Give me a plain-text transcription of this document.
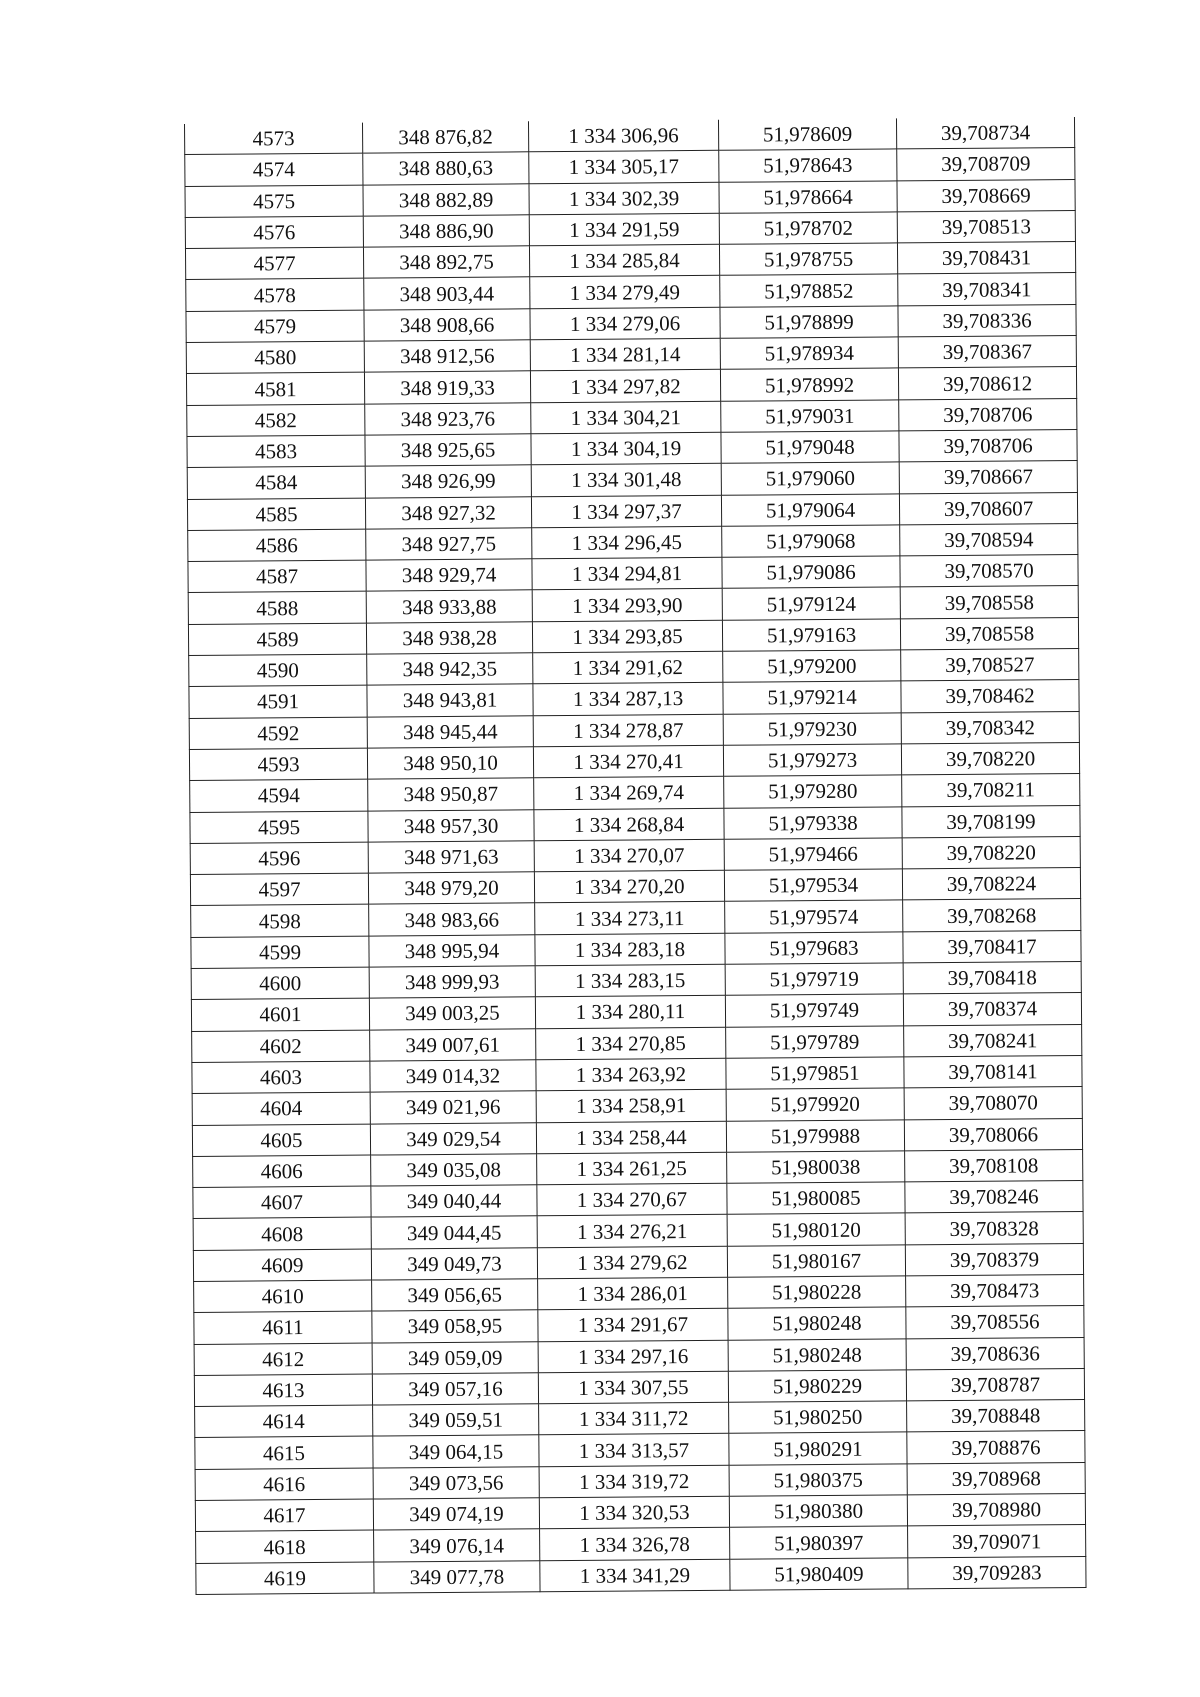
4573	348 876,82	1 334 306,96	51,978609	39,708734
4574	348 880,63	1 334 305,17	51,978643	39,708709
4575	348 882,89	1 334 302,39	51,978664	39,708669
4576	348 886,90	1 334 291,59	51,978702	39,708513
4577	348 892,75	1 334 285,84	51,978755	39,708431
4578	348 903,44	1 334 279,49	51,978852	39,708341
4579	348 908,66	1 334 279,06	51,978899	39,708336
4580	348 912,56	1 334 281,14	51,978934	39,708367
4581	348 919,33	1 334 297,82	51,978992	39,708612
4582	348 923,76	1 334 304,21	51,979031	39,708706
4583	348 925,65	1 334 304,19	51,979048	39,708706
4584	348 926,99	1 334 301,48	51,979060	39,708667
4585	348 927,32	1 334 297,37	51,979064	39,708607
4586	348 927,75	1 334 296,45	51,979068	39,708594
4587	348 929,74	1 334 294,81	51,979086	39,708570
4588	348 933,88	1 334 293,90	51,979124	39,708558
4589	348 938,28	1 334 293,85	51,979163	39,708558
4590	348 942,35	1 334 291,62	51,979200	39,708527
4591	348 943,81	1 334 287,13	51,979214	39,708462
4592	348 945,44	1 334 278,87	51,979230	39,708342
4593	348 950,10	1 334 270,41	51,979273	39,708220
4594	348 950,87	1 334 269,74	51,979280	39,708211
4595	348 957,30	1 334 268,84	51,979338	39,708199
4596	348 971,63	1 334 270,07	51,979466	39,708220
4597	348 979,20	1 334 270,20	51,979534	39,708224
4598	348 983,66	1 334 273,11	51,979574	39,708268
4599	348 995,94	1 334 283,18	51,979683	39,708417
4600	348 999,93	1 334 283,15	51,979719	39,708418
4601	349 003,25	1 334 280,11	51,979749	39,708374
4602	349 007,61	1 334 270,85	51,979789	39,708241
4603	349 014,32	1 334 263,92	51,979851	39,708141
4604	349 021,96	1 334 258,91	51,979920	39,708070
4605	349 029,54	1 334 258,44	51,979988	39,708066
4606	349 035,08	1 334 261,25	51,980038	39,708108
4607	349 040,44	1 334 270,67	51,980085	39,708246
4608	349 044,45	1 334 276,21	51,980120	39,708328
4609	349 049,73	1 334 279,62	51,980167	39,708379
4610	349 056,65	1 334 286,01	51,980228	39,708473
4611	349 058,95	1 334 291,67	51,980248	39,708556
4612	349 059,09	1 334 297,16	51,980248	39,708636
4613	349 057,16	1 334 307,55	51,980229	39,708787
4614	349 059,51	1 334 311,72	51,980250	39,708848
4615	349 064,15	1 334 313,57	51,980291	39,708876
4616	349 073,56	1 334 319,72	51,980375	39,708968
4617	349 074,19	1 334 320,53	51,980380	39,708980
4618	349 076,14	1 334 326,78	51,980397	39,709071
4619	349 077,78	1 334 341,29	51,980409	39,709283
